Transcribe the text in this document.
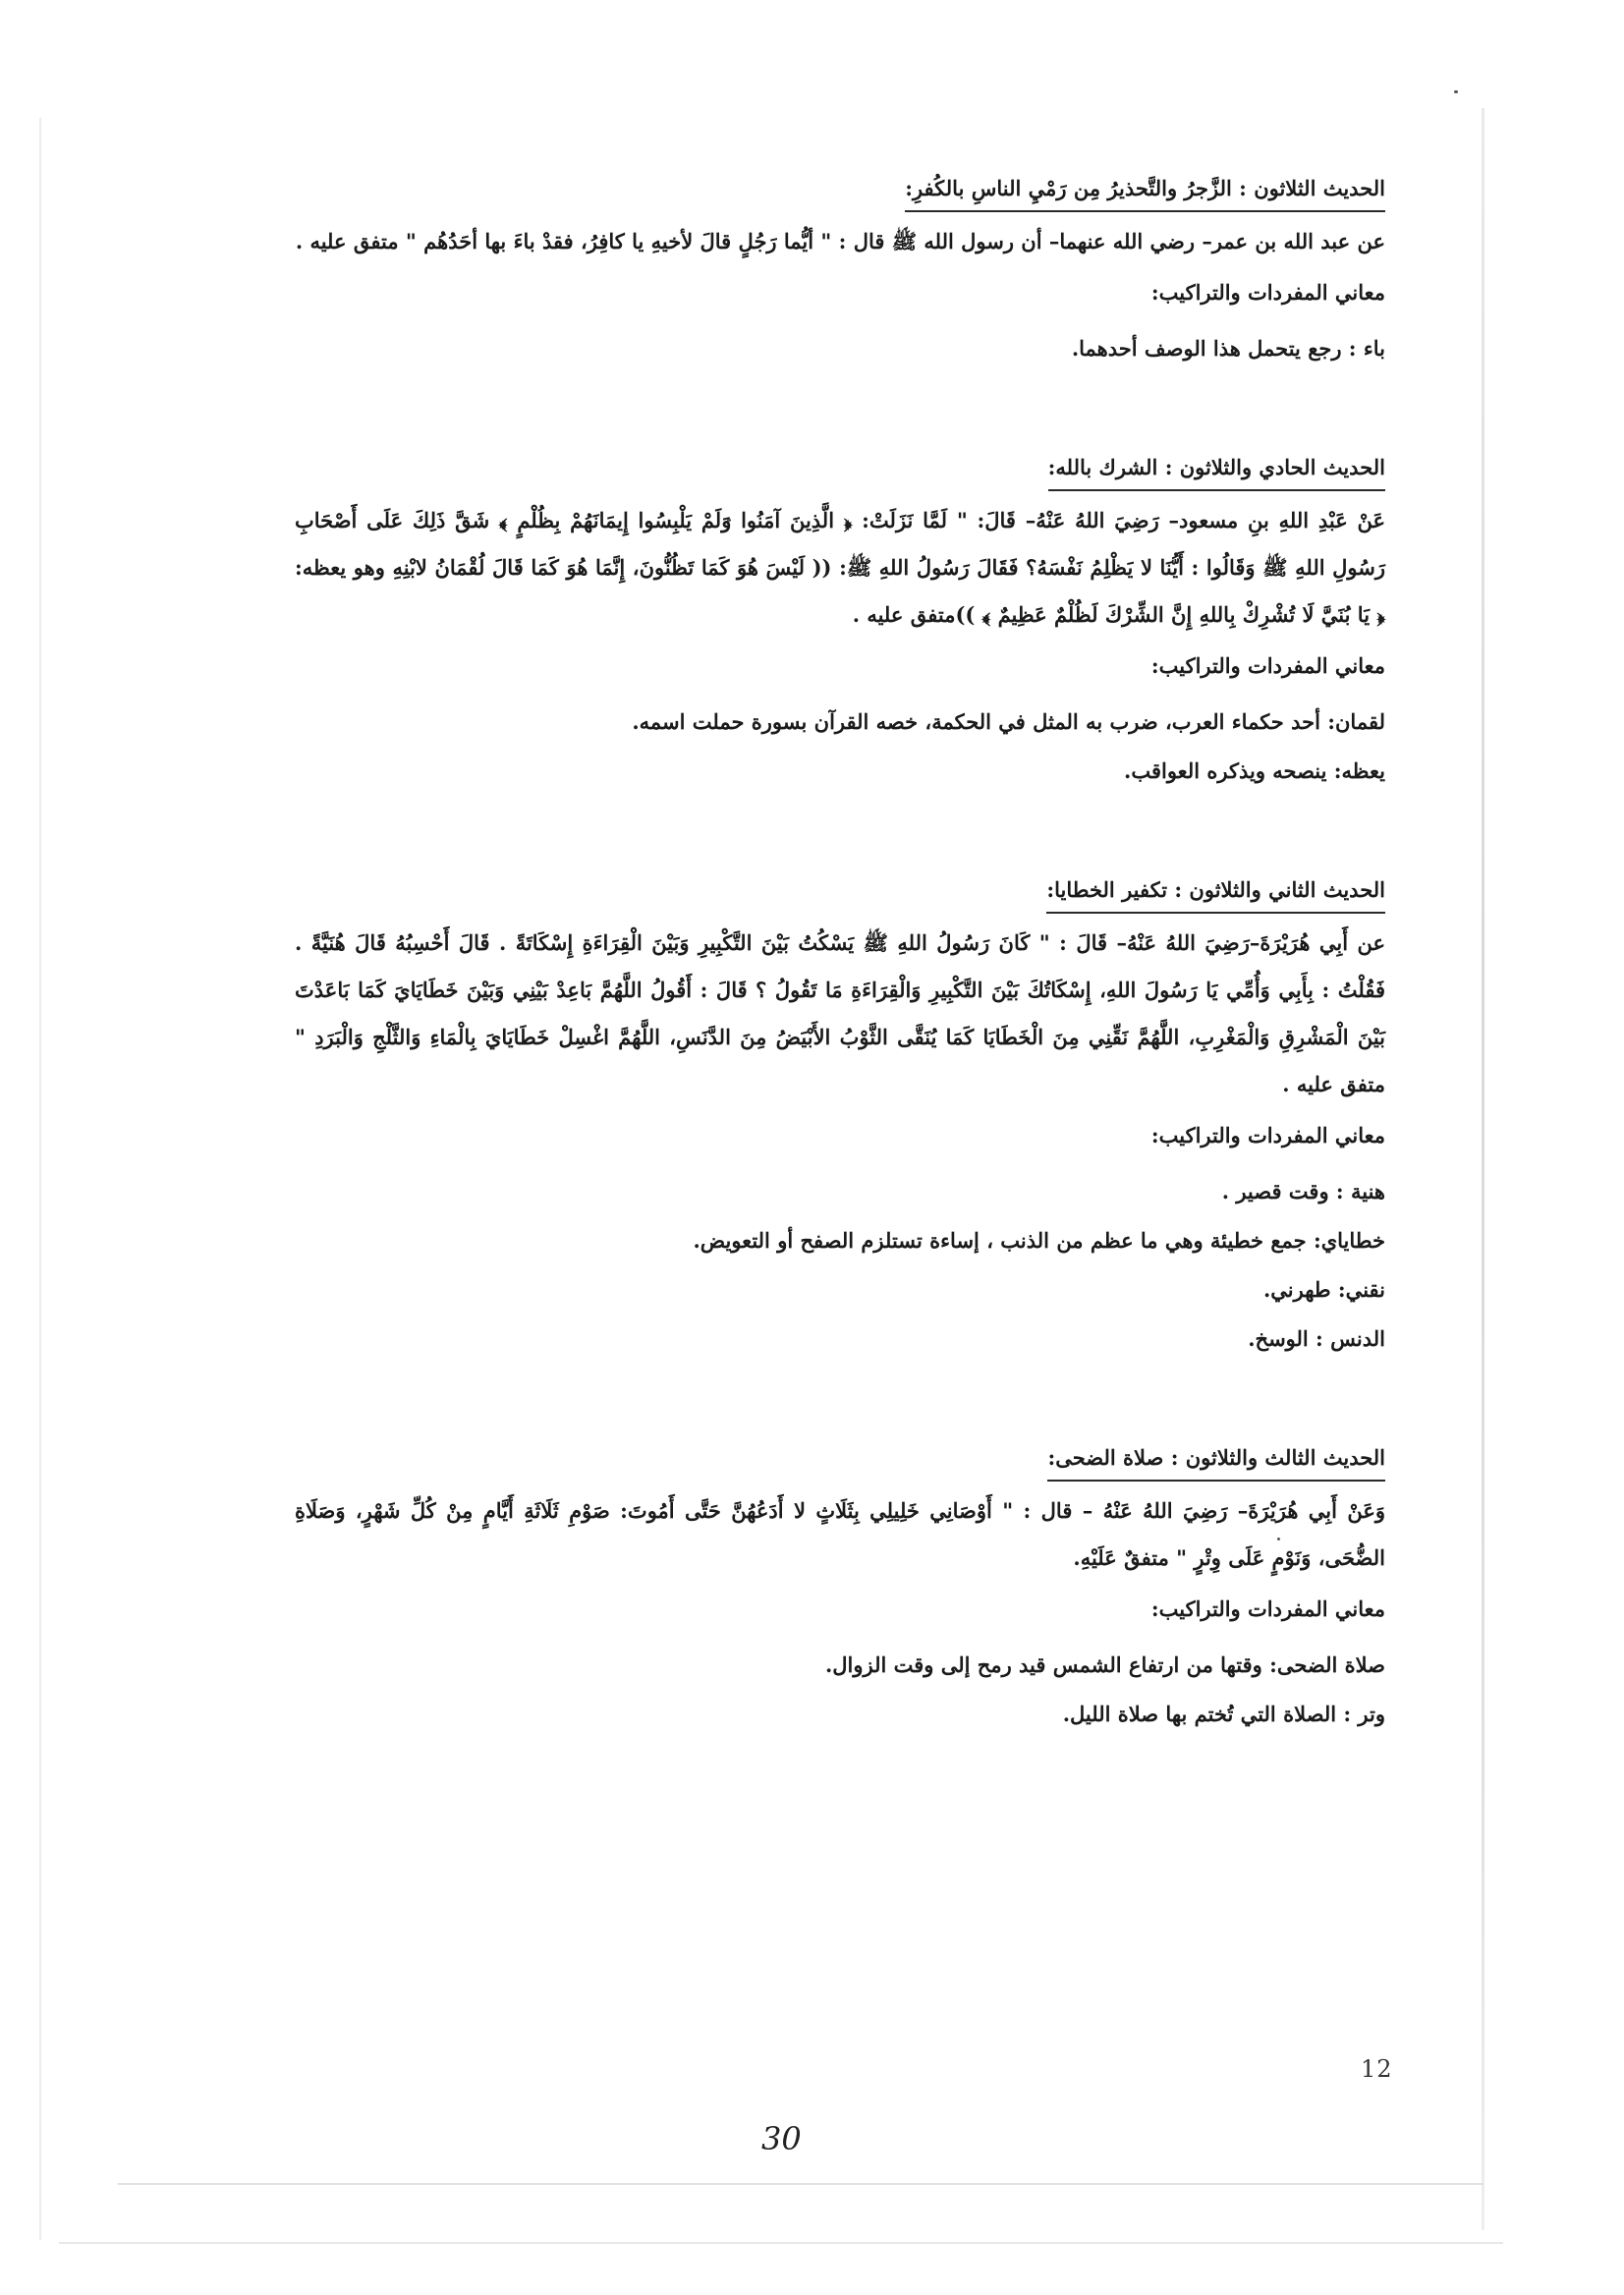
الحديث الثلاثون : الزَّجرُ والتَّحذيرُ مِن رَمْيِ الناسِ بالكُفرِ:

عن عبد الله بن عمر– رضي الله عنهما– أن رسول الله ﷺ قال : " أيُّما رَجُلٍ قالَ لأخيهِ يا كافِرُ، فقدْ باءَ بها أحَدُهُم " متفق عليه .

معاني المفردات والتراكيب:
باء : رجع يتحمل هذا الوصف أحدهما.
الحديث الحادي والثلاثون : الشرك بالله:

عَنْ عَبْدِ اللهِ بنِ مسعود– رَضِيَ اللهُ عَنْهُ– قَالَ: " لَمَّا نَزَلَتْ: ﴿ الَّذِينَ آمَنُوا وَلَمْ يَلْبِسُوا إِيمَانَهُمْ بِظُلْمٍ ﴾ شَقَّ ذَلِكَ عَلَى أَصْحَابِ رَسُولِ اللهِ ﷺ وَقَالُوا : أَيُّنَا لا يَظْلِمُ نَفْسَهُ؟ فَقَالَ رَسُولُ اللهِ ﷺ: (( لَيْسَ هُوَ كَمَا تَظُنُّونَ، إِنَّمَا هُوَ كَمَا قَالَ لُقْمَانُ لابْنِهِ وهو يعظه: ﴿ يَا بُنَيَّ لَا تُشْرِكْ بِاللهِ إِنَّ الشِّرْكَ لَظُلْمٌ عَظِيمٌ ﴾ ))متفق عليه .

معاني المفردات والتراكيب:
لقمان: أحد حكماء العرب، ضرب به المثل في الحكمة، خصه القرآن بسورة حملت اسمه.
يعظه: ينصحه ويذكره العواقب.
الحديث الثاني والثلاثون : تكفير الخطايا:

عن أَبِي هُرَيْرَةَ–رَضِيَ اللهُ عَنْهُ– قَالَ : " كَانَ رَسُولُ اللهِ ﷺ يَسْكُتُ بَيْنَ التَّكْبِيرِ وَبَيْنَ الْقِرَاءَةِ إِسْكَاتَةً . قَالَ أَحْسِبُهُ قَالَ هُنَيَّةً . فَقُلْتُ : بِأَبِي وَأُمِّي يَا رَسُولَ اللهِ، إِسْكَاتُكَ بَيْنَ التَّكْبِيرِ وَالْقِرَاءَةِ مَا تَقُولُ ؟ قَالَ : أَقُولُ اللَّهُمَّ بَاعِدْ بَيْنِي وَبَيْنَ خَطَايَايَ كَمَا بَاعَدْتَ بَيْنَ الْمَشْرِقِ وَالْمَغْرِبِ، اللَّهُمَّ نَقِّنِي مِنَ الْخَطَايَا كَمَا يُنَقَّى الثَّوْبُ الأَبْيَضُ مِنَ الدَّنَسِ، اللَّهُمَّ اغْسِلْ خَطَايَايَ بِالْمَاءِ وَالثَّلْجِ وَالْبَرَدِ " متفق عليه .

معاني المفردات والتراكيب:
هنية : وقت قصير .
خطاياي: جمع خطيئة وهي ما عظم من الذنب ، إساءة تستلزم الصفح أو التعويض.
نقني: طهرني.
الدنس : الوسخ.
الحديث الثالث والثلاثون : صلاة الضحى:

وَعَنْ أَبِي هُرَيْرَةَ– رَضِيَ اللهُ عَنْهُ – قال : " أَوْصَانِي خَلِيلِي بِثَلَاثٍ لا أَدَعُهُنَّ حَتَّى أَمُوتَ: صَوْمِ ثَلَاثَةِ أَيَّامٍ مِنْ كُلِّ شَهْرٍ، وَصَلَاةِ الضُّحَى، وَنَوْمٍ عَلَى وِتْرٍ " متفقٌ عَلَيْهِ.

معاني المفردات والتراكيب:
صلاة الضحى: وقتها من ارتفاع الشمس قيد رمح إلى وقت الزوال.
وتر : الصلاة التي تُختم بها صلاة الليل.
12
30
